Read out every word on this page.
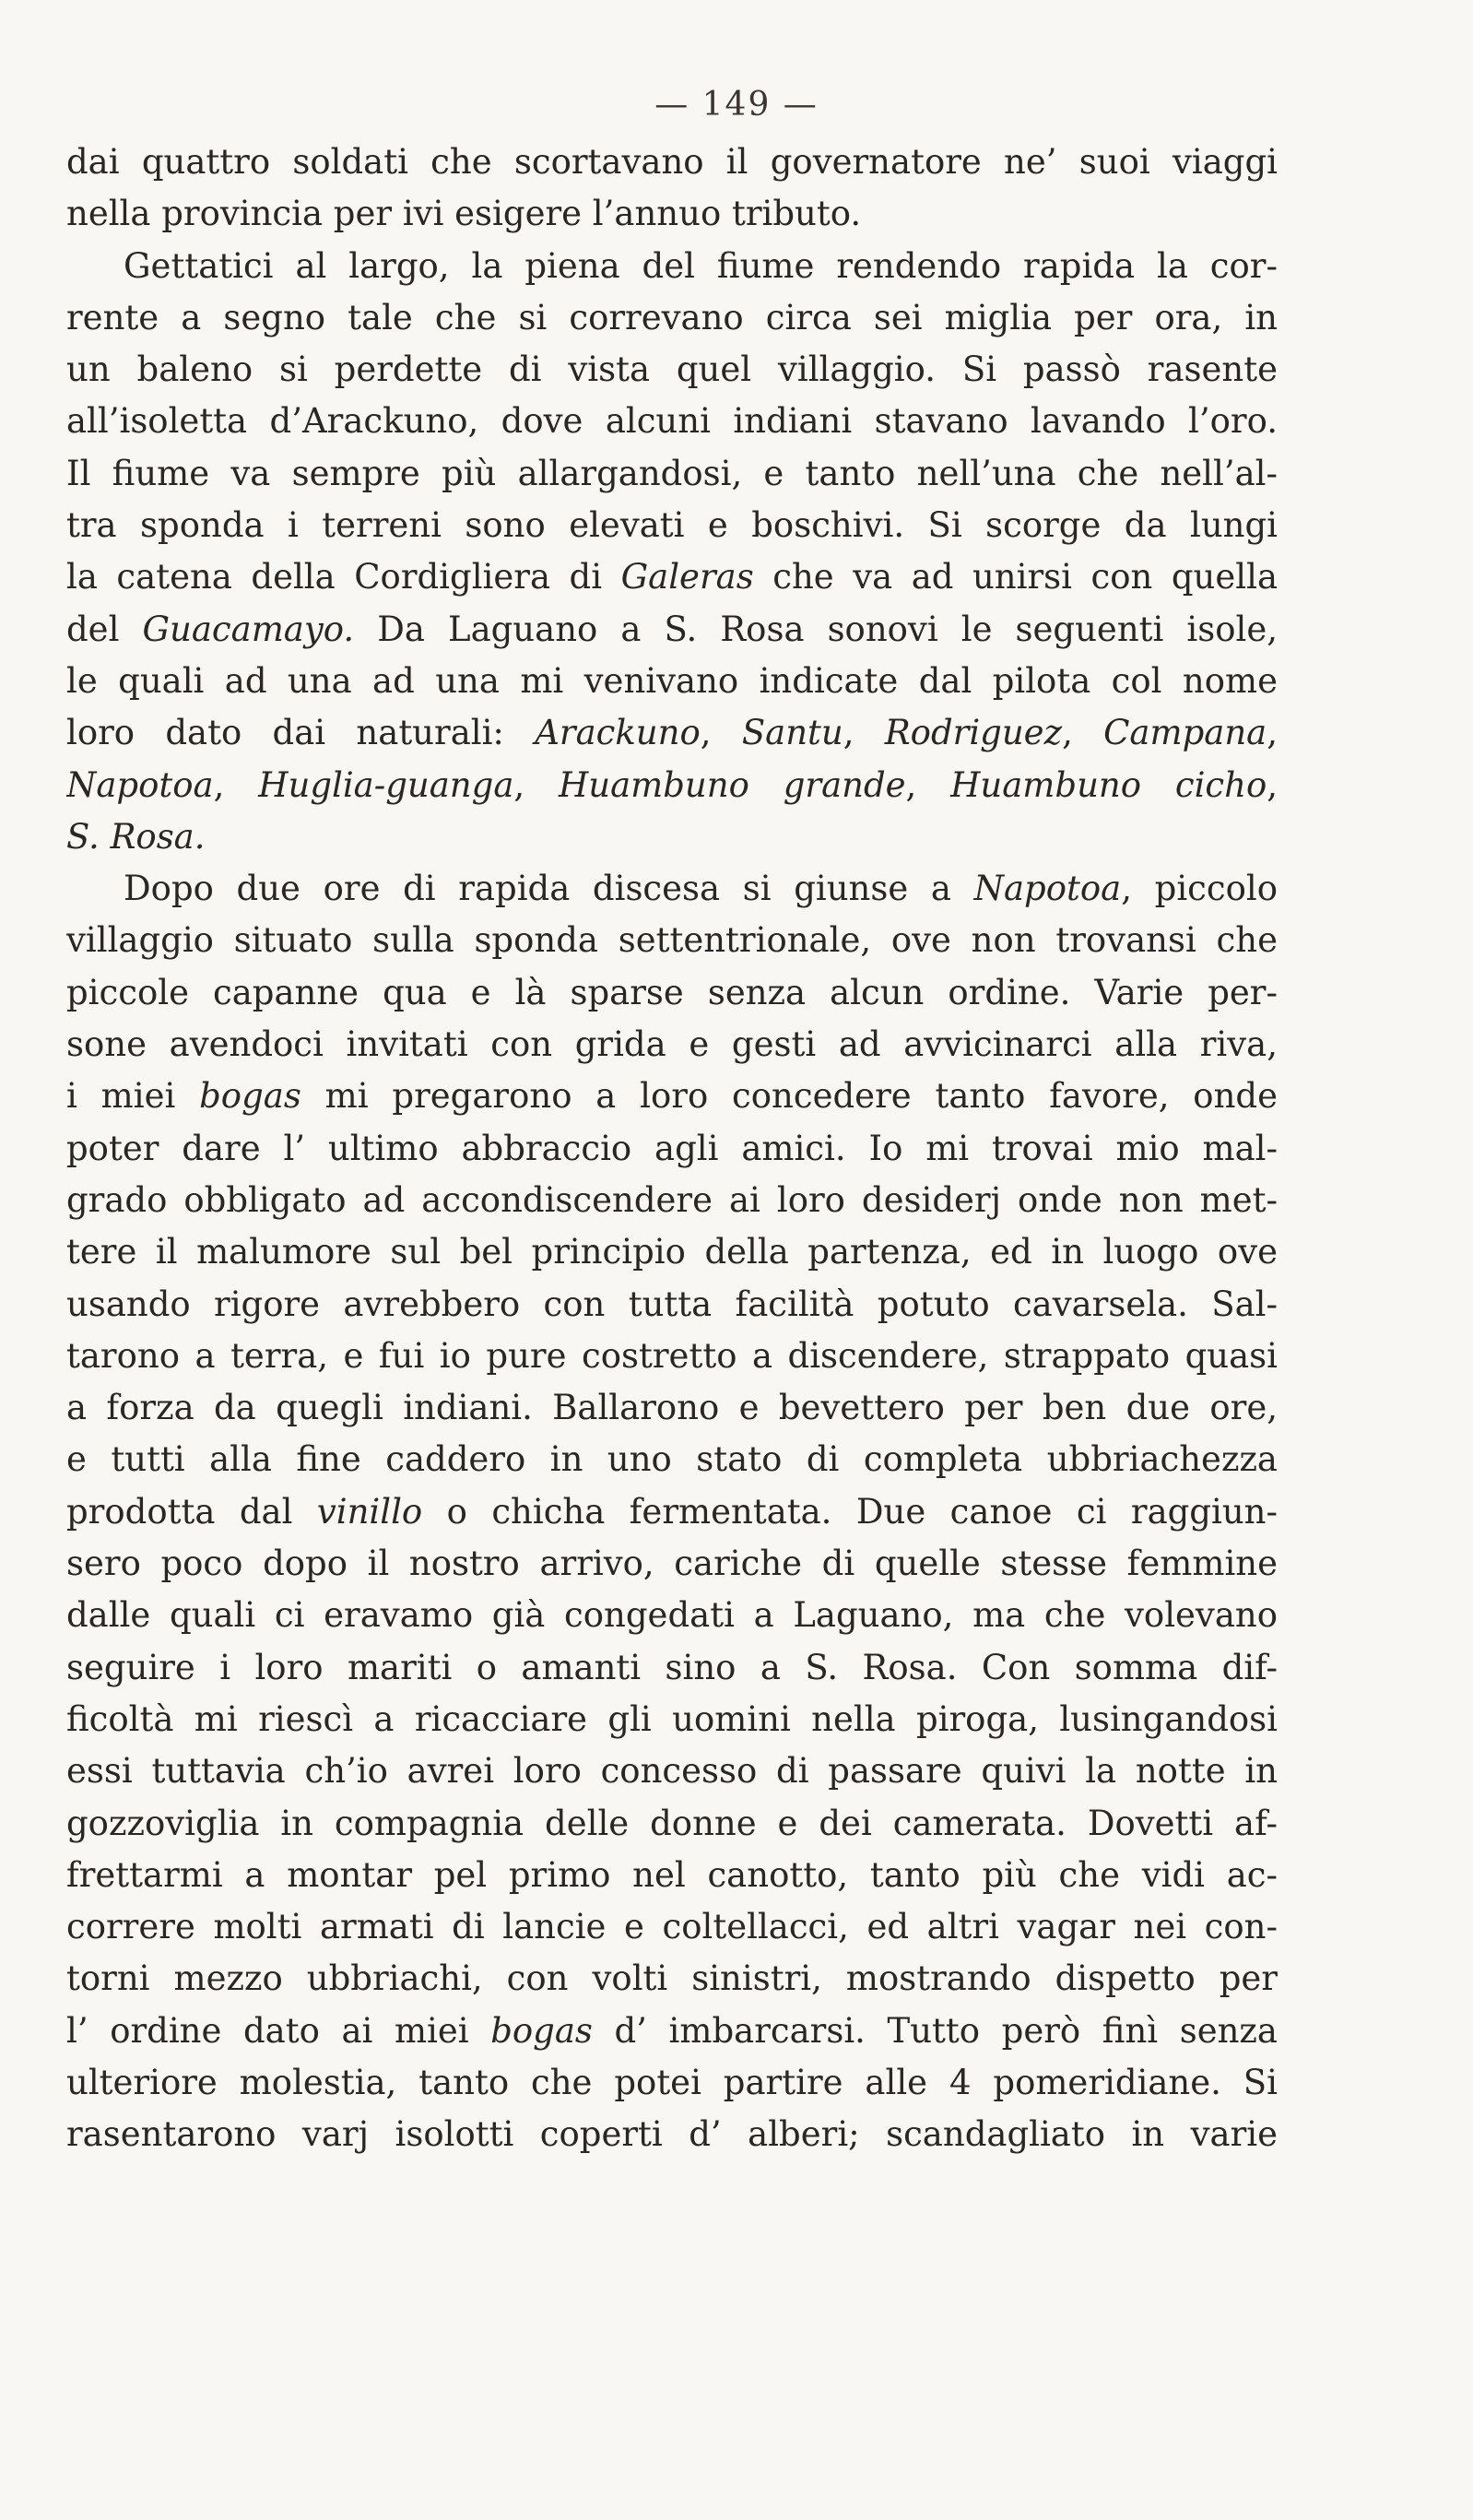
— 149 —
dai quattro soldati che scortavano il governatore ne’ suoi viaggi
nella provincia per ivi esigere l’annuo tributo.
Gettatici al largo, la piena del fiume rendendo rapida la cor-
rente a segno tale che si correvano circa sei miglia per ora, in
un baleno si perdette di vista quel villaggio. Si passò rasente
all’isoletta d’Arackuno, dove alcuni indiani stavano lavando l’oro.
Il fiume va sempre più allargandosi, e tanto nell’una che nell’al-
tra sponda i terreni sono elevati e boschivi. Si scorge da lungi
la catena della Cordigliera di Galeras che va ad unirsi con quella
del Guacamayo. Da Laguano a S. Rosa sonovi le seguenti isole,
le quali ad una ad una mi venivano indicate dal pilota col nome
loro dato dai naturali: Arackuno, Santu, Rodriguez, Campana,
Napotoa, Huglia-guanga, Huambuno grande, Huambuno cicho,
S. Rosa.
Dopo due ore di rapida discesa si giunse a Napotoa, piccolo
villaggio situato sulla sponda settentrionale, ove non trovansi che
piccole capanne qua e là sparse senza alcun ordine. Varie per-
sone avendoci invitati con grida e gesti ad avvicinarci alla riva,
i miei bogas mi pregarono a loro concedere tanto favore, onde
poter dare l’ ultimo abbraccio agli amici. Io mi trovai mio mal-
grado obbligato ad accondiscendere ai loro desiderj onde non met-
tere il malumore sul bel principio della partenza, ed in luogo ove
usando rigore avrebbero con tutta facilità potuto cavarsela. Sal-
tarono a terra, e fui io pure costretto a discendere, strappato quasi
a forza da quegli indiani. Ballarono e bevettero per ben due ore,
e tutti alla fine caddero in uno stato di completa ubbriachezza
prodotta dal vinillo o chicha fermentata. Due canoe ci raggiun-
sero poco dopo il nostro arrivo, cariche di quelle stesse femmine
dalle quali ci eravamo già congedati a Laguano, ma che volevano
seguire i loro mariti o amanti sino a S. Rosa. Con somma dif-
ficoltà mi riescì a ricacciare gli uomini nella piroga, lusingandosi
essi tuttavia ch’io avrei loro concesso di passare quivi la notte in
gozzoviglia in compagnia delle donne e dei camerata. Dovetti af-
frettarmi a montar pel primo nel canotto, tanto più che vidi ac-
correre molti armati di lancie e coltellacci, ed altri vagar nei con-
torni mezzo ubbriachi, con volti sinistri, mostrando dispetto per
l’ ordine dato ai miei bogas d’ imbarcarsi. Tutto però finì senza
ulteriore molestia, tanto che potei partire alle 4 pomeridiane. Si
rasentarono varj isolotti coperti d’ alberi; scandagliato in varie
